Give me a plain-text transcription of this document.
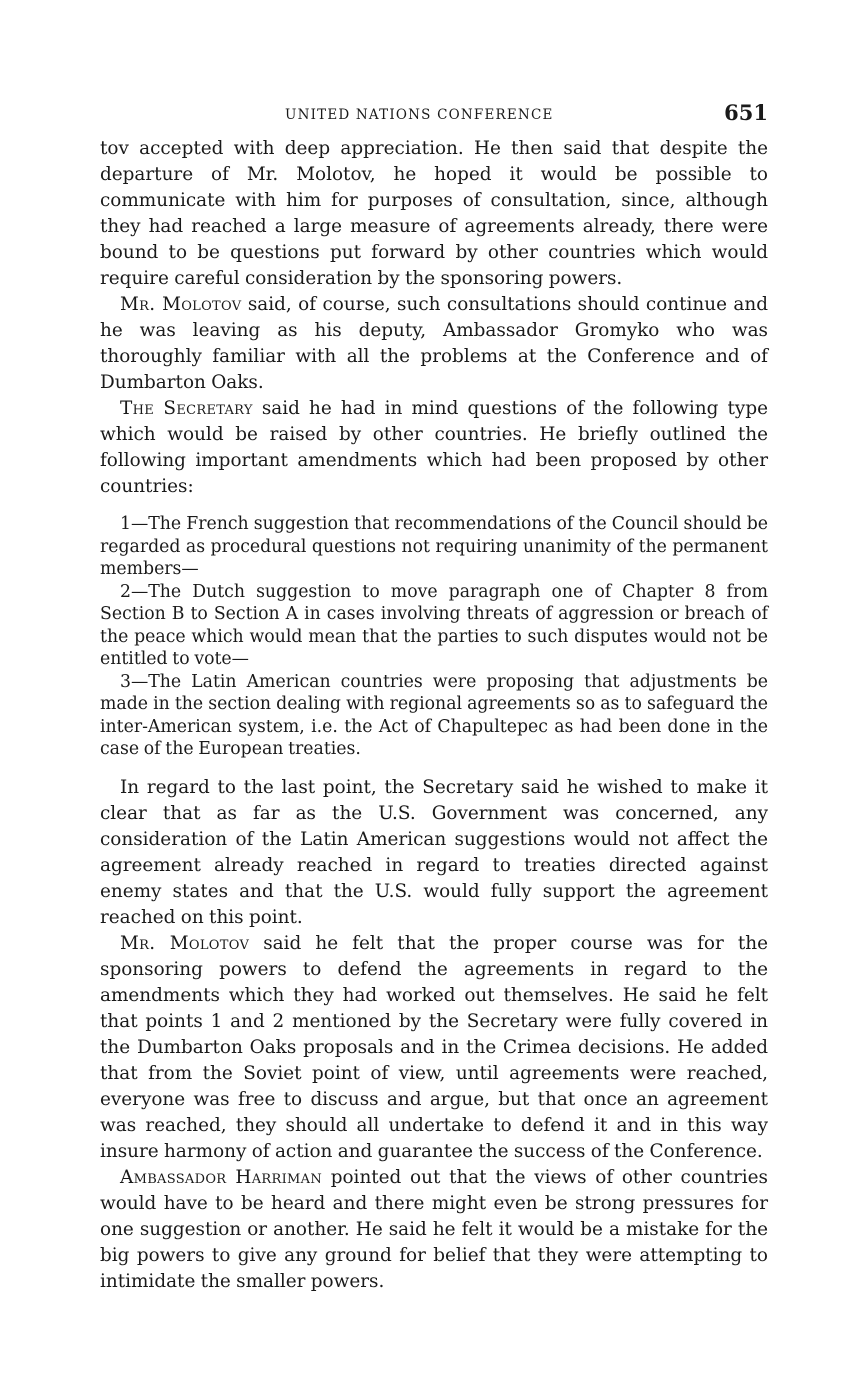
UNITED NATIONS CONFERENCE	651

tov accepted with deep appreciation. He then said that despite the departure of Mr. Molotov, he hoped it would be possible to communicate with him for purposes of consultation, since, although they had reached a large measure of agreements already, there were bound to be questions put forward by other countries which would require careful consideration by the sponsoring powers.

Mr. Molotov said, of course, such consultations should continue and he was leaving as his deputy, Ambassador Gromyko who was thoroughly familiar with all the problems at the Conference and of Dumbarton Oaks.

The Secretary said he had in mind questions of the following type which would be raised by other countries. He briefly outlined the following important amendments which had been proposed by other countries:

1—The French suggestion that recommendations of the Council should be regarded as procedural questions not requiring unanimity of the permanent members—

2—The Dutch suggestion to move paragraph one of Chapter 8 from Section B to Section A in cases involving threats of aggression or breach of the peace which would mean that the parties to such disputes would not be entitled to vote—

3—The Latin American countries were proposing that adjustments be made in the section dealing with regional agreements so as to safeguard the inter-American system, i.e. the Act of Chapultepec as had been done in the case of the European treaties.

In regard to the last point, the Secretary said he wished to make it clear that as far as the U.S. Government was concerned, any consideration of the Latin American suggestions would not affect the agreement already reached in regard to treaties directed against enemy states and that the U.S. would fully support the agreement reached on this point.

Mr. Molotov said he felt that the proper course was for the sponsoring powers to defend the agreements in regard to the amendments which they had worked out themselves. He said he felt that points 1 and 2 mentioned by the Secretary were fully covered in the Dumbarton Oaks proposals and in the Crimea decisions. He added that from the Soviet point of view, until agreements were reached, everyone was free to discuss and argue, but that once an agreement was reached, they should all undertake to defend it and in this way insure harmony of action and guarantee the success of the Conference.

Ambassador Harriman pointed out that the views of other countries would have to be heard and there might even be strong pressures for one suggestion or another. He said he felt it would be a mistake for the big powers to give any ground for belief that they were attempting to intimidate the smaller powers.
